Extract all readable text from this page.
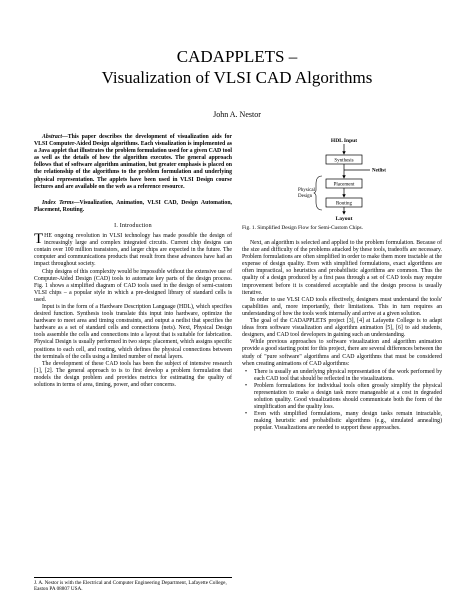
CADAPPLETS –
Visualization of VLSI CAD Algorithms
John A. Nestor

Abstract—This paper describes the development of visualization aids for VLSI Computer-Aided Design algorithms. Each visualization is implemented as a Java applet that illustrates the problem formulation used for a given CAD tool as well as the details of how the algorithm executes. The general approach follows that of software algorithm animation, but greater emphasis is placed on the relationship of the algorithms to the problem formulation and underlying physical representation. The applets have been used in VLSI Design course lectures and are available on the web as a reference resource.

Index Terms—Visualization, Animation, VLSI CAD, Design Automation, Placement, Routing.

I. Introduction

THE ongoing revolution in VLSI technology has made possible the design of increasingly large and complex integrated circuits. Current chip designs can contain over 100 million transistors, and larger chips are expected in the future. The computer and communications products that result from these advances have had an impact throughout society.

Chip designs of this complexity would be impossible without the extensive use of Computer-Aided Design (CAD) tools to automate key parts of the design process. Fig. 1 shows a simplified diagram of CAD tools used in the design of semi-custom VLSI chips – a popular style in which a pre-designed library of standard cells is used.

Input is in the form of a Hardware Description Language (HDL), which specifies desired function. Synthesis tools translate this input into hardware, optimize the hardware to meet area and timing constraints, and output a netlist that specifies the hardware as a set of standard cells and connections (nets). Next, Physical Design tools assemble the cells and connections into a layout that is suitable for fabrication. Physical Design is usually performed in two steps: placement, which assigns specific positions to each cell, and routing, which defines the physical connections between the terminals of the cells using a limited number of metal layers.

The development of these CAD tools has been the subject of intensive research [1], [2]. The general approach to is to first develop a problem formulation that models the design problem and provides metrics for estimating the quality of solutions in terms of area, timing, power, and other concerns.

J. A. Nestor is with the Electrical and Computer Engineering Department, Lafayette College, Easton PA 08807 USA.
HDL Input
Synthesis
Netlist
Placement
Routing
Layout
Physical
Design
Fig. 1. Simplified Design Flow for Semi-Custom Chips.

Next, an algorithm is selected and applied to the problem formulation. Because of the size and difficulty of the problems attacked by these tools, tradeoffs are necessary. Problem formulations are often simplified in order to make them more tractable at the expense of design quality. Even with simplified formulations, exact algorithms are often impractical, so heuristics and probabilistic algorithms are common. Thus the quality of a design produced by a first pass through a set of CAD tools may require improvement before it is considered acceptable and the design process is usually iterative.

In order to use VLSI CAD tools effectively, designers must understand the tools' capabilities and, more importantly, their limitations. This in turn requires an understanding of how the tools work internally and arrive at a given solution.

The goal of the CADAPPLETS project [3], [4] at Lafayette College is to adapt ideas from software visualization and algorithm animation [5], [6] to aid students, designers, and CAD tool developers in gaining such an understanding.

While previous approaches to software visualization and algorithm animation provide a good starting point for this project, there are several differences between the study of "pure software" algorithms and CAD algorithms that must be considered when creating animations of CAD algorithms:

• There is usually an underlying physical representation of the work performed by each CAD tool that should be reflected in the visualizations.
• Problem formulations for individual tools often grossly simplify the physical representation to make a design task more manageable at a cost in degraded solution quality. Good visualizations should communicate both the form of the simplification and the quality loss.
• Even with simplified formulations, many design tasks remain intractable, making heuristic and probabilistic algorithms (e.g., simulated annealing) popular. Visualizations are needed to support these approaches.
